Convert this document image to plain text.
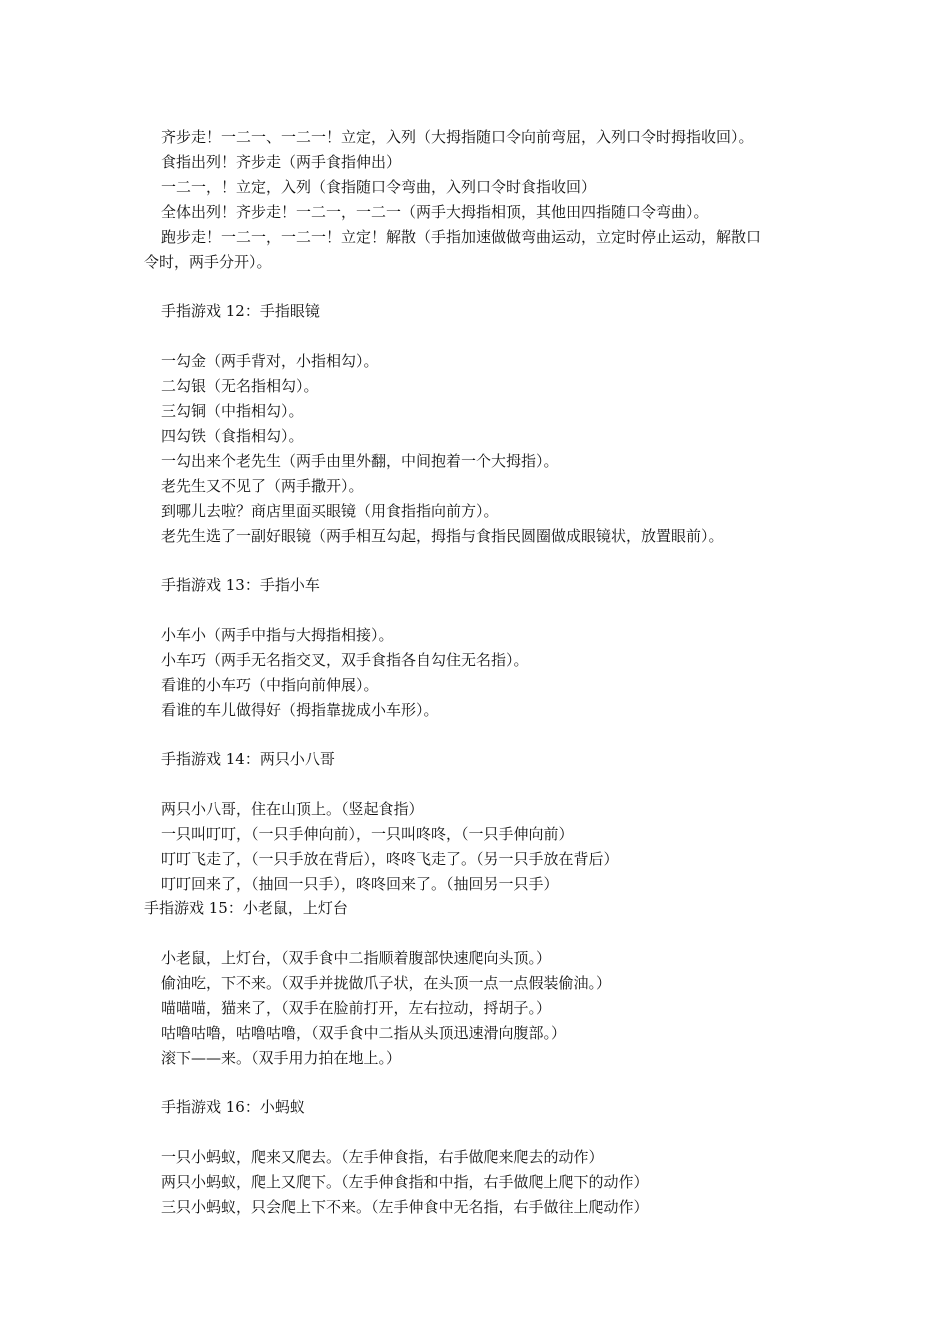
齐步走！一二一、一二一！立定，入列（大拇指随口令向前弯屈，入列口令时拇指收回）。
食指出列！齐步走（两手食指伸出）
一二一，！立定，入列（食指随口令弯曲，入列口令时食指收回）
全体出列！齐步走！一二一，一二一（两手大拇指相顶，其他田四指随口令弯曲）。
跑步走！一二一，一二一！立定！解散（手指加速做做弯曲运动，立定时停止运动，解散口
令时，两手分开）。
手指游戏 12：手指眼镜
一勾金（两手背对，小指相勾）。
二勾银（无名指相勾）。
三勾铜（中指相勾）。
四勾铁（食指相勾）。
一勾出来个老先生（两手由里外翻，中间抱着一个大拇指）。
老先生又不见了（两手撒开）。
到哪儿去啦？商店里面买眼镜（用食指指向前方）。
老先生选了一副好眼镜（两手相互勾起，拇指与食指民圆圈做成眼镜状，放置眼前）。
手指游戏 13：手指小车
小车小（两手中指与大拇指相接）。
小车巧（两手无名指交叉，双手食指各自勾住无名指）。
看谁的小车巧（中指向前伸展）。
看谁的车儿做得好（拇指靠拢成小车形）。
手指游戏 14：两只小八哥
两只小八哥，住在山顶上。（竖起食指）
一只叫叮叮，（一只手伸向前），一只叫咚咚，（一只手伸向前）
叮叮飞走了，（一只手放在背后），咚咚飞走了。（另一只手放在背后）
叮叮回来了，（抽回一只手），咚咚回来了。（抽回另一只手）
手指游戏 15：小老鼠，上灯台
小老鼠，上灯台，（双手食中二指顺着腹部快速爬向头顶。）
偷油吃，下不来。（双手并拢做爪子状，在头顶一点一点假装偷油。）
喵喵喵，猫来了，（双手在脸前打开，左右拉动，捋胡子。）
咕噜咕噜，咕噜咕噜，（双手食中二指从头顶迅速滑向腹部。）
滚下——来。（双手用力拍在地上。）
手指游戏 16：小蚂蚁
一只小蚂蚁，爬来又爬去。（左手伸食指，右手做爬来爬去的动作）
两只小蚂蚁，爬上又爬下。（左手伸食指和中指，右手做爬上爬下的动作）
三只小蚂蚁，只会爬上下不来。（左手伸食中无名指，右手做往上爬动作）
